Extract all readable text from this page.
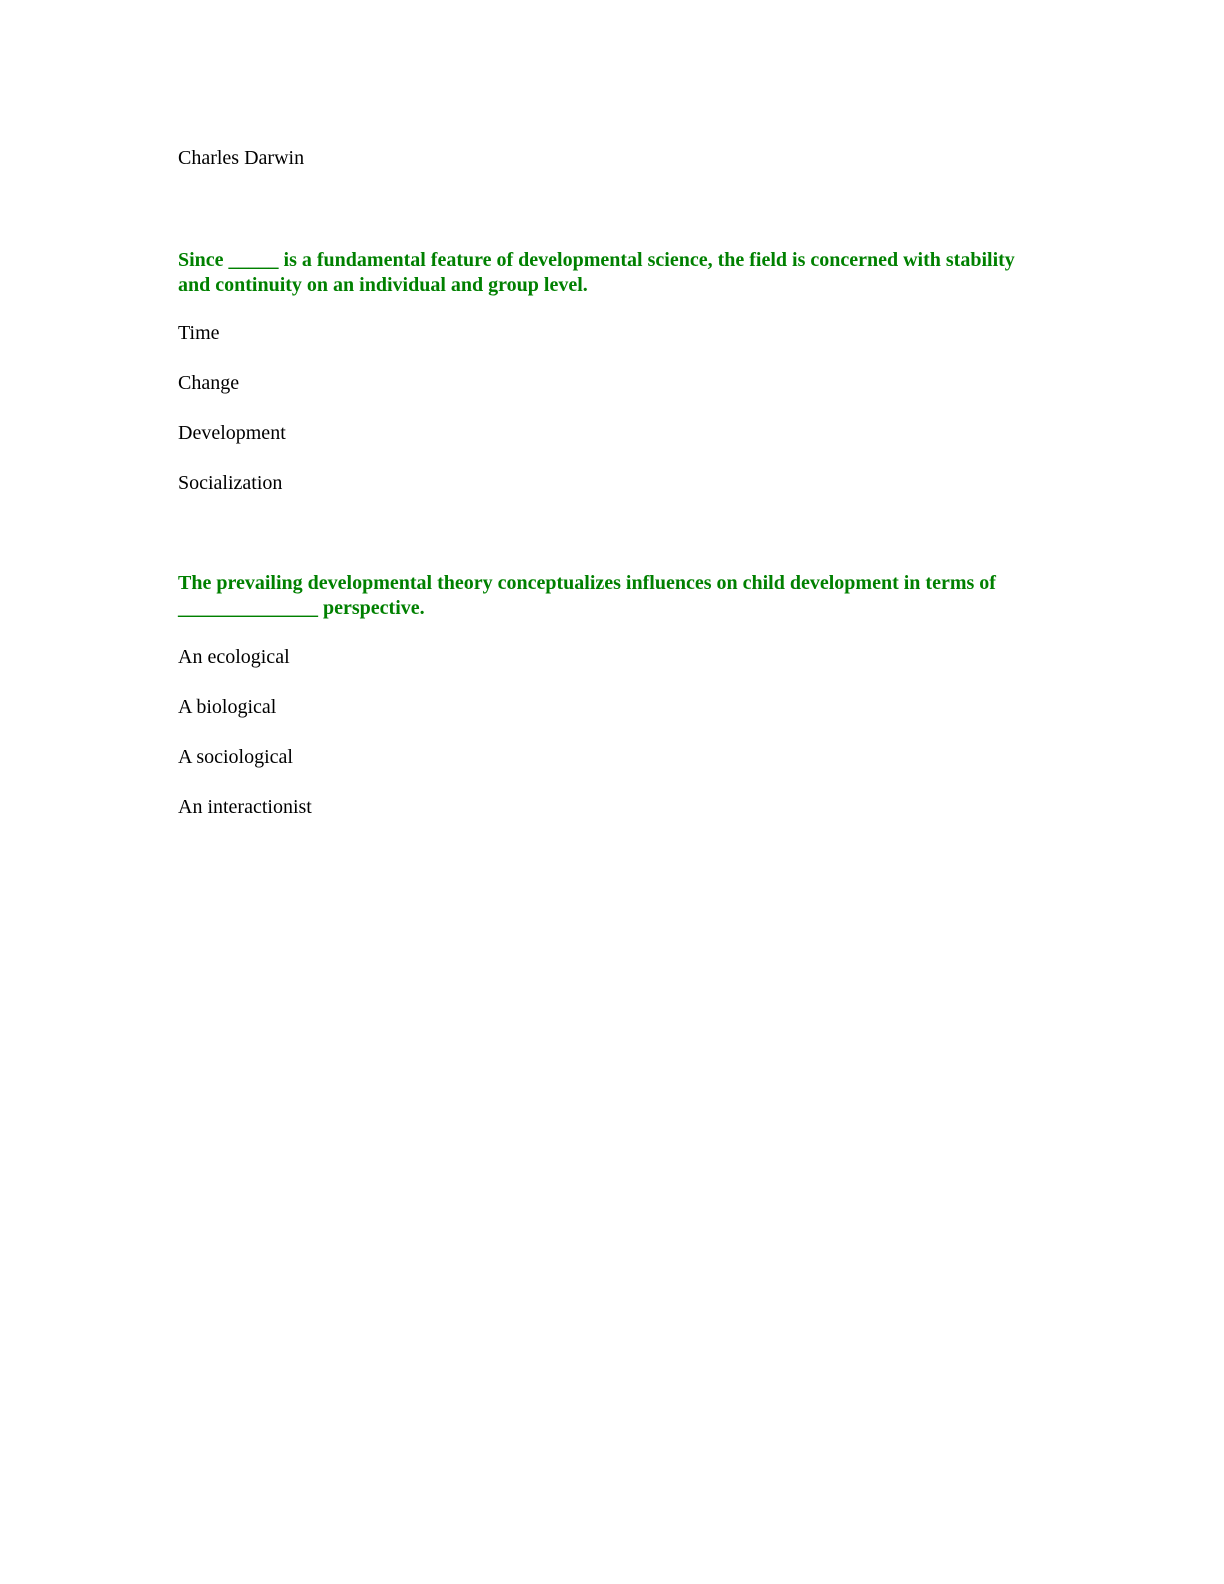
Charles Darwin

Since _____ is a fundamental feature of developmental science, the field is concerned with stability
and continuity on an individual and group level.

Time

Change

Development

Socialization

The prevailing developmental theory conceptualizes influences on child development in terms of
______________ perspective.

An ecological

A biological

A sociological

An interactionist
